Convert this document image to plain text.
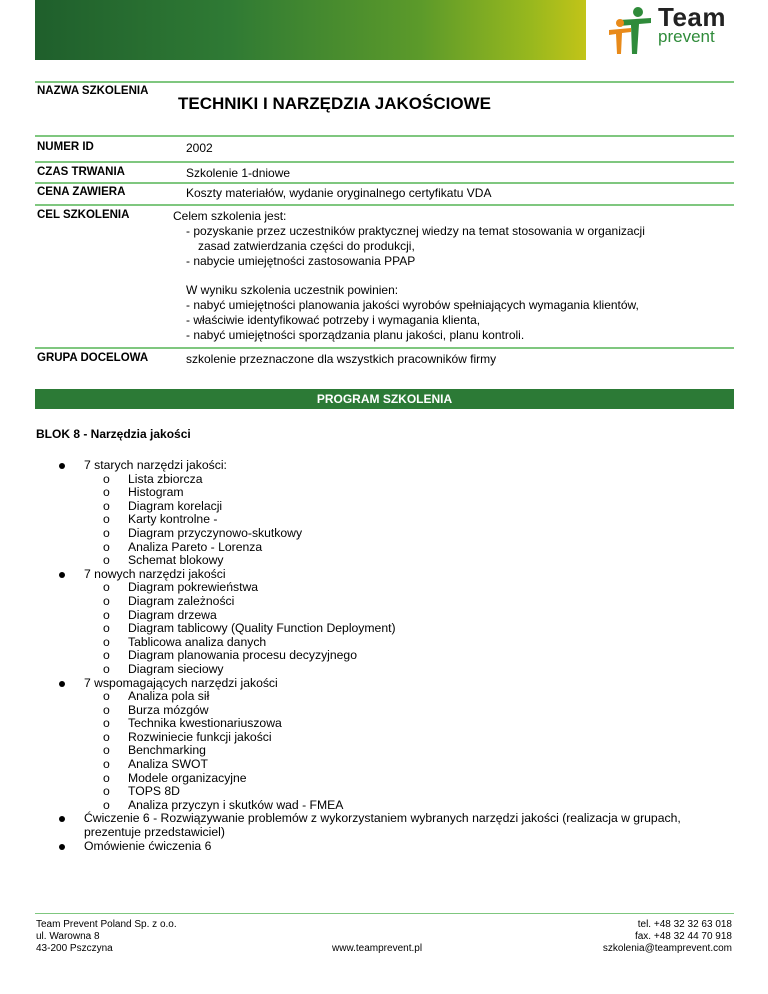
Team
prevent
NAZWA SZKOLENIA
TECHNIKI I NARZĘDZIA JAKOŚCIOWE
NUMER ID	2002
CZAS TRWANIA	Szkolenie 1-dniowe
CENA ZAWIERA	Koszty materiałów, wydanie oryginalnego certyfikatu VDA
CEL SZKOLENIA	Celem szkolenia jest:
- pozyskanie przez uczestników praktycznej wiedzy na temat stosowania w organizacji
zasad zatwierdzania części do produkcji,
- nabycie umiejętności zastosowania PPAP
W wyniku szkolenia uczestnik powinien:
- nabyć umiejętności planowania jakości wyrobów spełniających wymagania klientów,
- właściwie identyfikować potrzeby i wymagania klienta,
- nabyć umiejętności sporządzania planu jakości, planu kontroli.
GRUPA DOCELOWA	szkolenie przeznaczone dla wszystkich pracowników firmy
PROGRAM SZKOLENIA
BLOK 8 - Narzędzia jakości
7 starych narzędzi jakości:
o Lista zbiorcza
o Histogram
o Diagram korelacji
o Karty kontrolne -
o Diagram przyczynowo-skutkowy
o Analiza Pareto - Lorenza
o Schemat blokowy
7 nowych narzędzi jakości
o Diagram pokrewieństwa
o Diagram zależności
o Diagram drzewa
o Diagram tablicowy (Quality Function Deployment)
o Tablicowa analiza danych
o Diagram planowania procesu decyzyjnego
o Diagram sieciowy
7 wspomagających narzędzi jakości
o Analiza pola sił
o Burza mózgów
o Technika kwestionariuszowa
o Rozwiniecie funkcji jakości
o Benchmarking
o Analiza SWOT
o Modele organizacyjne
o TOPS 8D
o Analiza przyczyn i skutków wad - FMEA
Ćwiczenie 6 - Rozwiązywanie problemów z wykorzystaniem wybranych narzędzi jakości (realizacja w grupach, prezentuje przedstawiciel)
Omówienie ćwiczenia 6
Team Prevent Poland Sp. z o.o.
ul. Warowna 8
43-200 Pszczyna	www.teamprevent.pl
tel. +48 32 32 63 018
fax. +48 32 44 70 918
szkolenia@teamprevent.com
